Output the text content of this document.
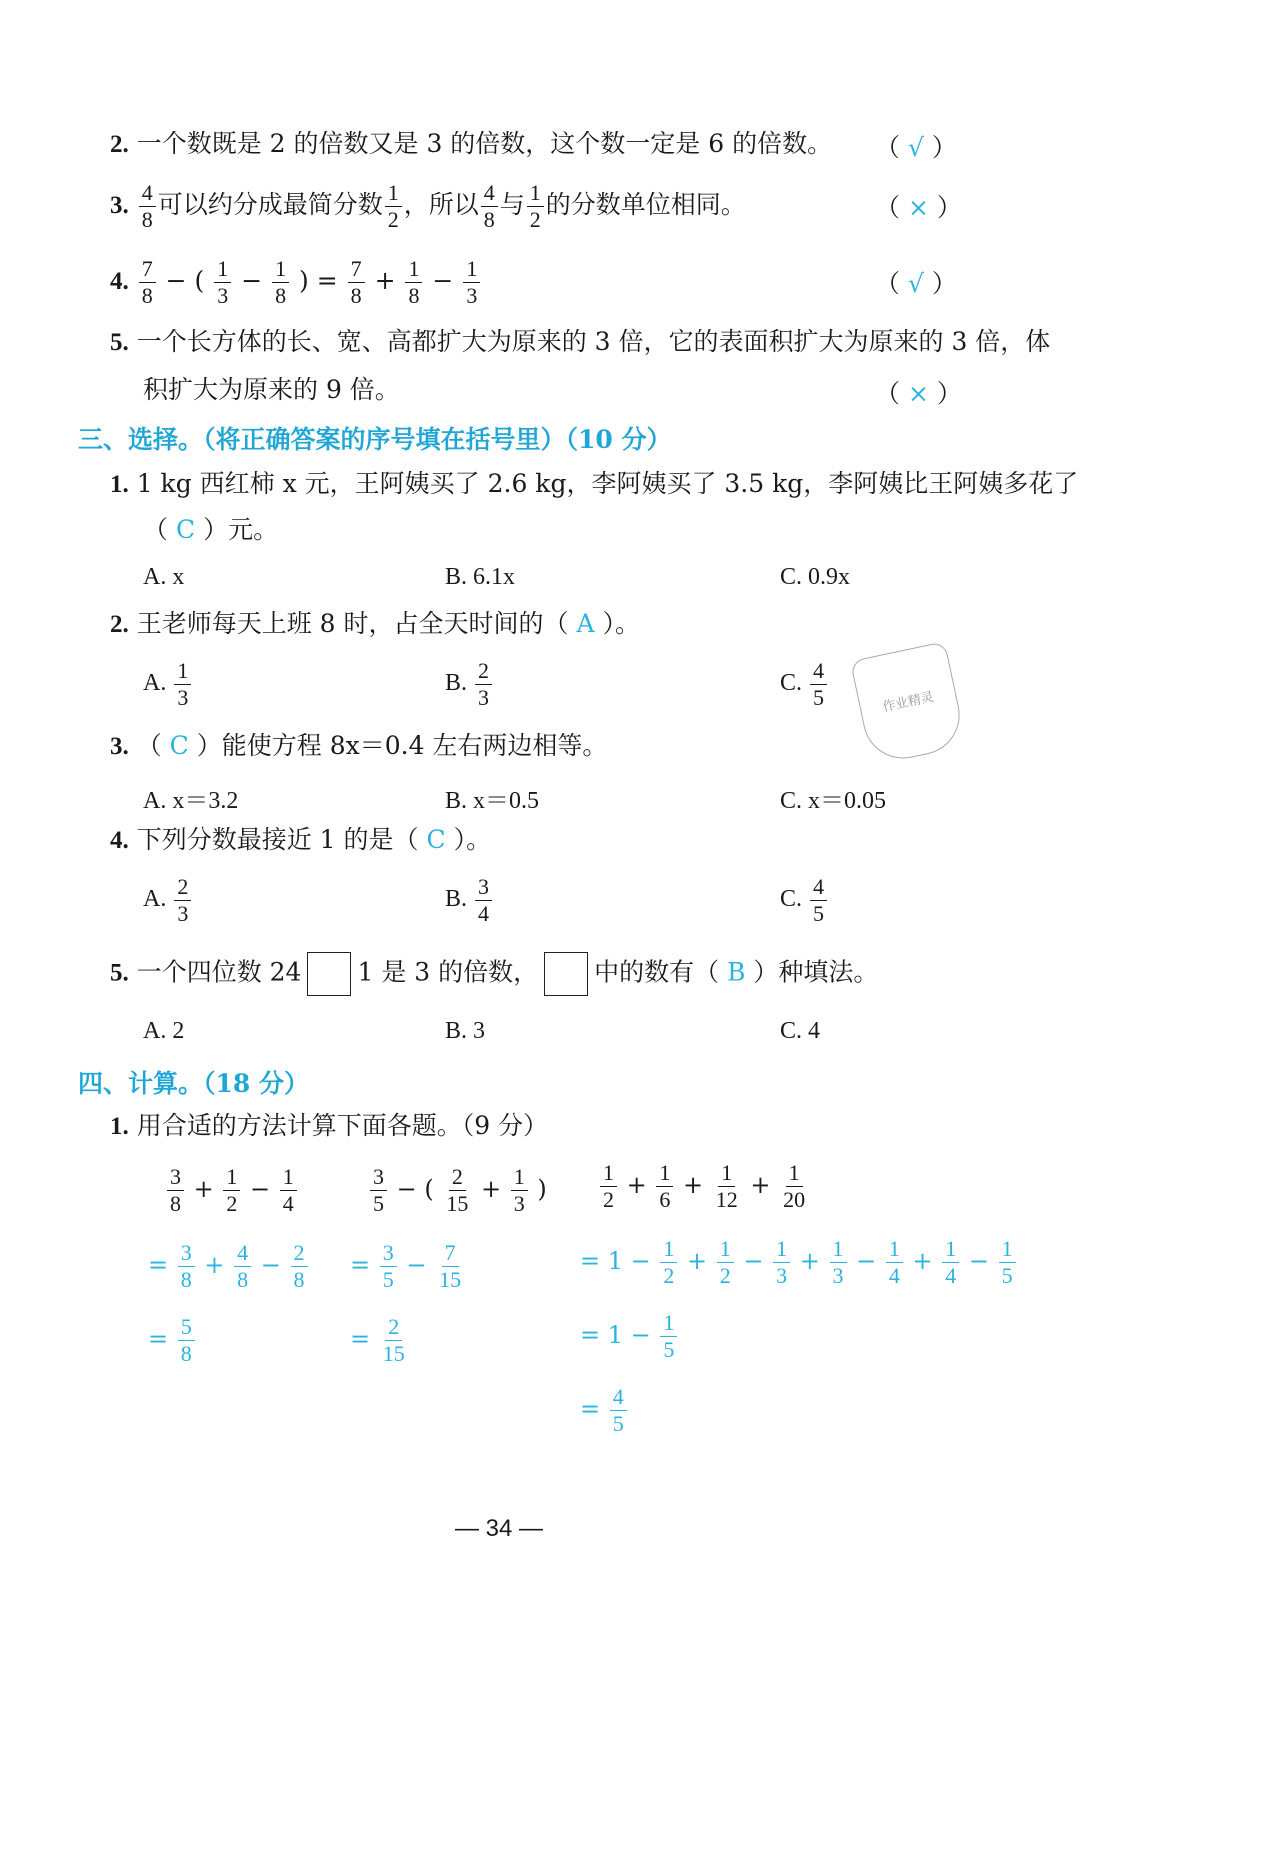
2. 一个数既是 2 的倍数又是 3 的倍数，这个数一定是 6 的倍数。 （ √ ）
3. $\frac{4}{8}$ 可以约分成最简分数 $\frac{1}{2}$ ，所以 $\frac{4}{8}$ 与 $\frac{1}{2}$ 的分数单位相同。	（ × ）
4. $\frac{7}{8}$ − ( $\frac{1}{3} - \frac{1}{8}$ ) = $\frac{7}{8} + \frac{1}{8} - \frac{1}{3}$	（ √ ）
5. 一个长方体的长、宽、高都扩大为原来的 3 倍，它的表面积扩大为原来的 3 倍，体
积扩大为原来的 9 倍。	（ × ）
三、选择。（将正确答案的序号填在括号里）（10 分）
1. 1 kg 西红柿 x 元，王阿姨买了 2.6 kg，李阿姨买了 3.5 kg，李阿姨比王阿姨多花了
（ C ）元。
A. x	B. 6.1x	C. 0.9x
作业精灵
2. 王老师每天上班 8 时，占全天时间的（ A ）。
A. $\frac{1}{3}$	B. $\frac{2}{3}$	C. $\frac{4}{5}$
3. （ C ）能使方程 8x＝0.4 左右两边相等。
A. x＝3.2	B. x＝0.5	C. x＝0.05
4. 下列分数最接近 1 的是（ C ）。
A. $\frac{2}{3}$	B. $\frac{3}{4}$	C. $\frac{4}{5}$
5. 一个四位数 24 1 是 3 的倍数， 中的数有（ B ）种填法。
A. 2	B. 3	C. 4
四、计算。（18 分）
1. 用合适的方法计算下面各题。（9 分）
$\frac{3}{8} + \frac{1}{2} - \frac{1}{4}$
= $\frac{3}{8} + \frac{4}{8} - \frac{2}{8}$
= $\frac{5}{8}$
$\frac{3}{5}$ − ( $\frac{2}{15} + \frac{1}{3}$ )
= $\frac{3}{5} - \frac{7}{15}$
= $\frac{2}{15}$
$\frac{1}{2} + \frac{1}{6} + \frac{1}{12} + \frac{1}{20}$
= $1 - \frac{1}{2} + \frac{1}{2} - \frac{1}{3} + \frac{1}{3} - \frac{1}{4} + \frac{1}{4} - \frac{1}{5}$
= $1 - \frac{1}{5}$
= $\frac{4}{5}$
— 34 —
